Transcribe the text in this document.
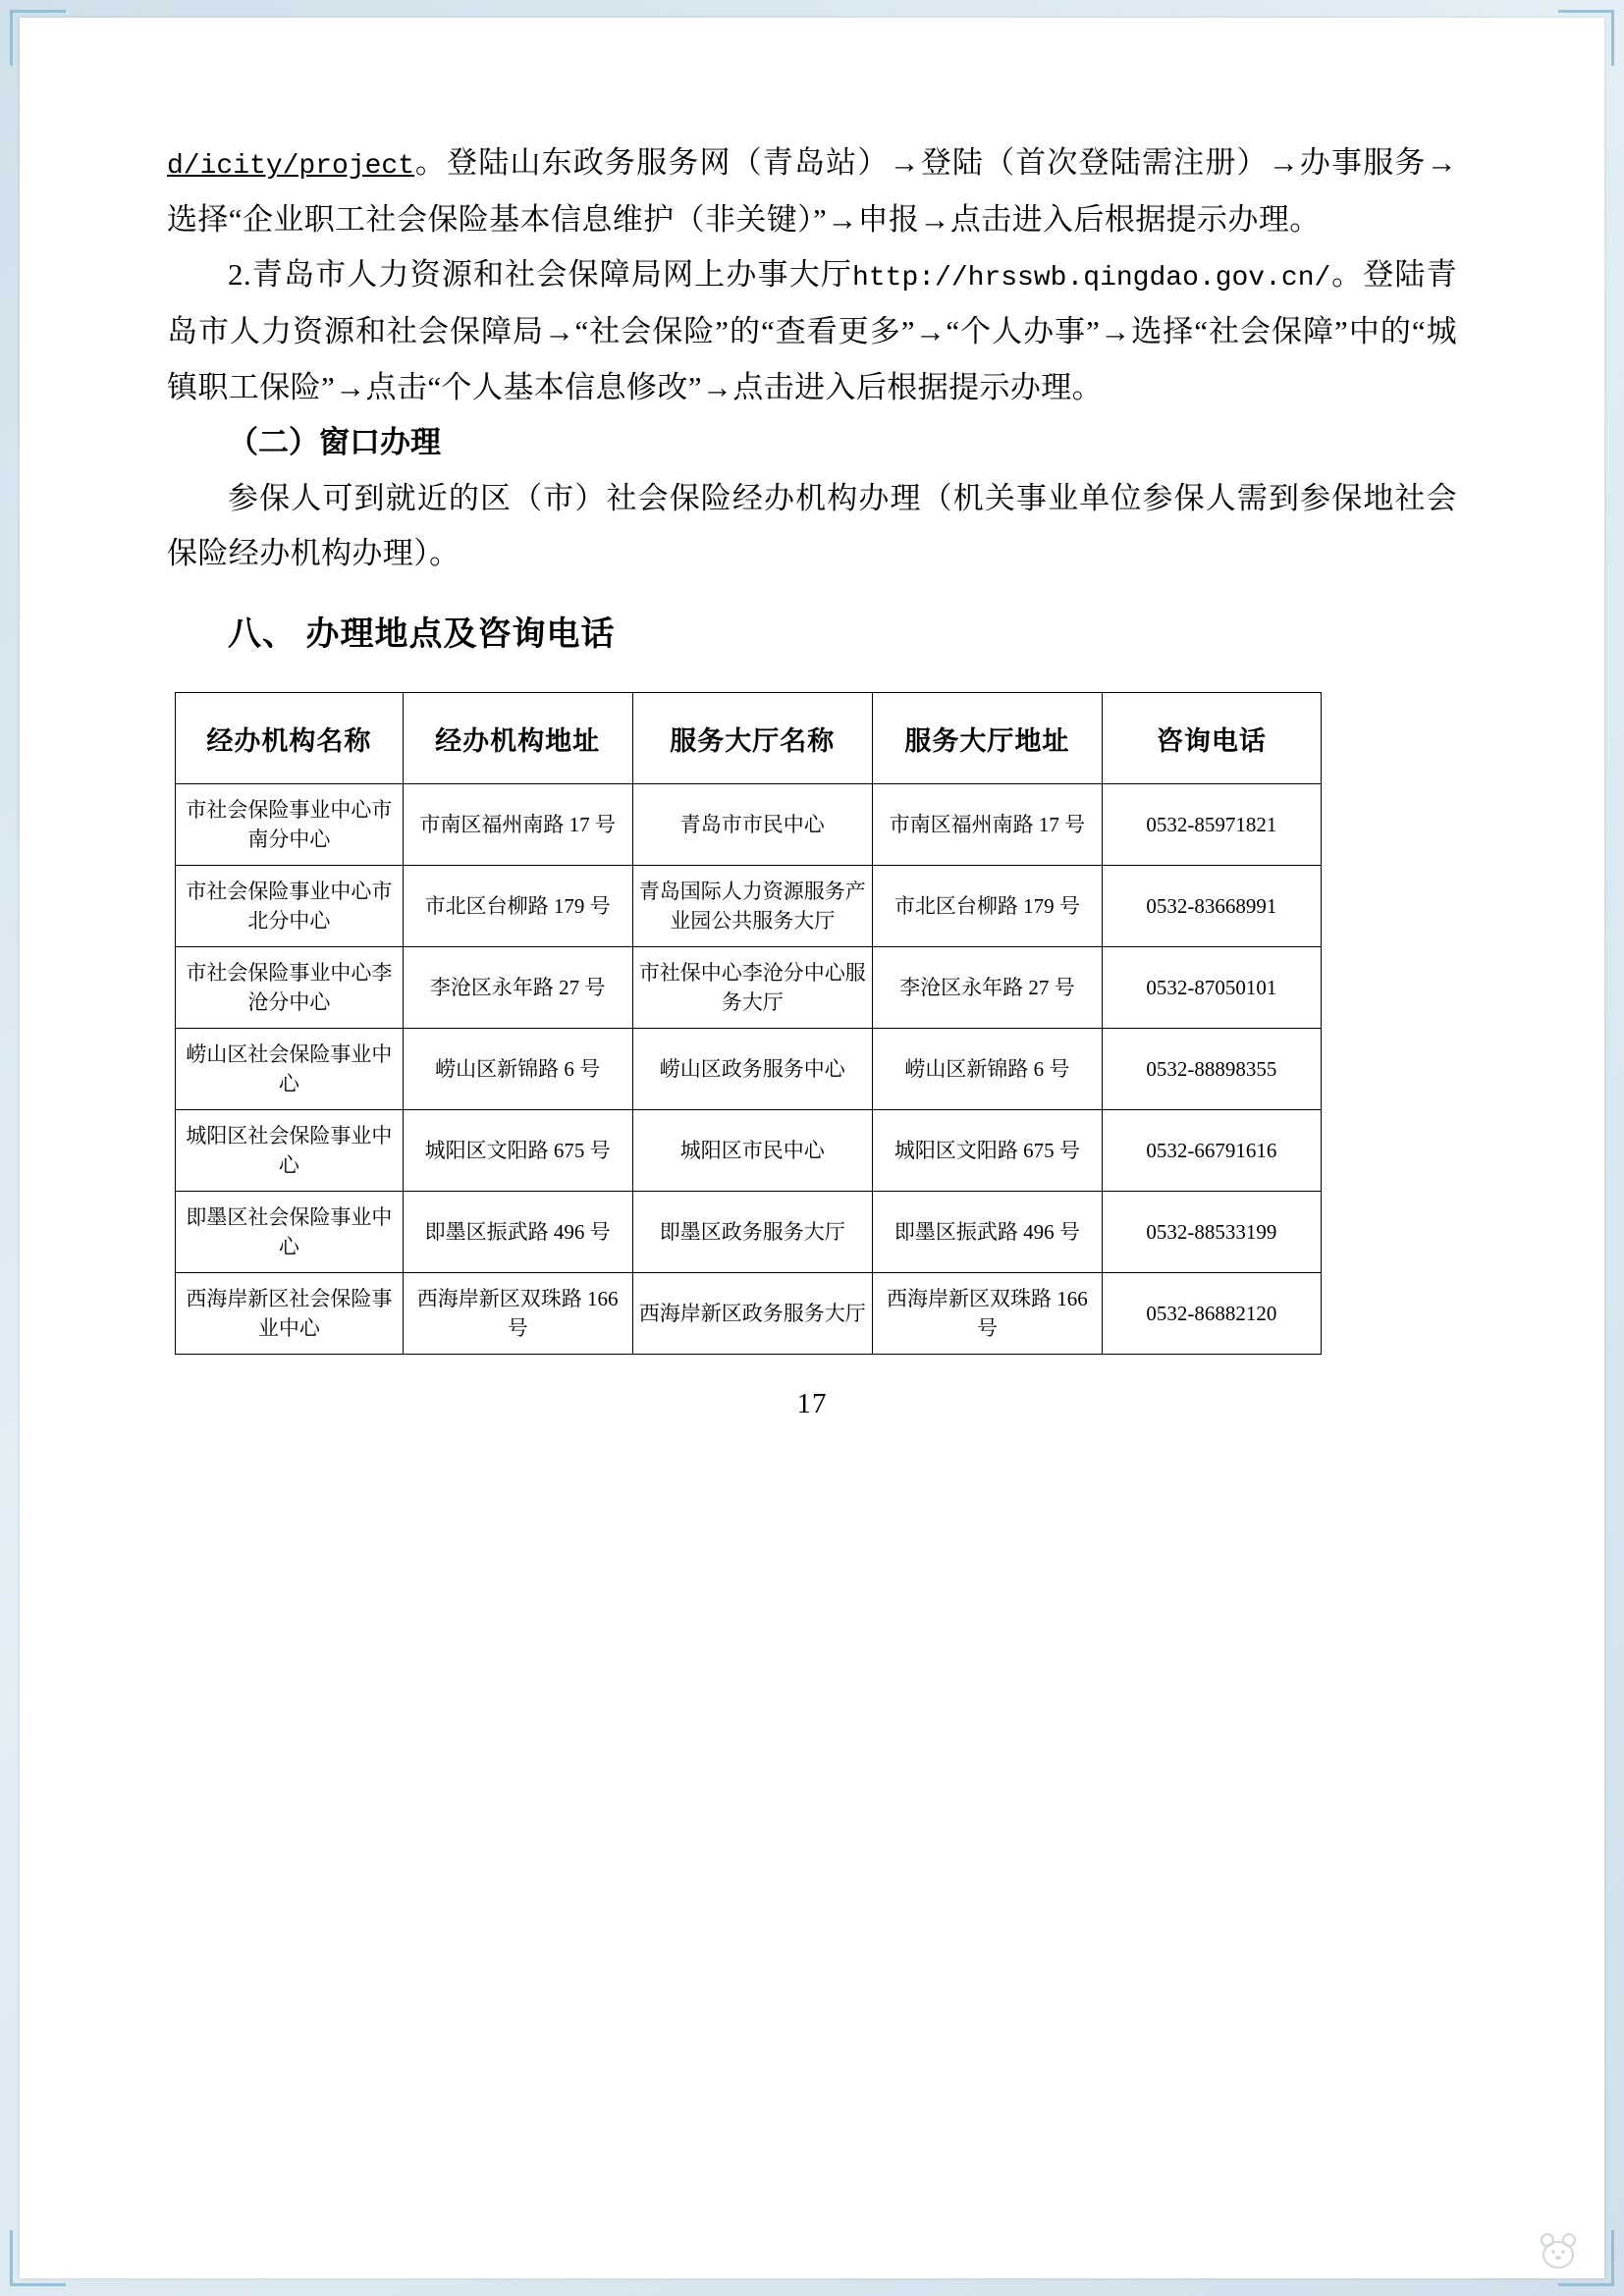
d/icity/project。登陆山东政务服务网（青岛站）→登陆（首次登陆需注册）→办事服务→选择“企业职工社会保险基本信息维护（非关键）”→申报→点击进入后根据提示办理。
2.青岛市人力资源和社会保障局网上办事大厅http://hrsswb.qingdao.gov.cn/。登陆青岛市人力资源和社会保障局→“社会保险”的“查看更多”→“个人办事”→选择“社会保障”中的“城镇职工保险”→点击“个人基本信息修改”→点击进入后根据提示办理。
（二）窗口办理
参保人可到就近的区（市）社会保险经办机构办理（机关事业单位参保人需到参保地社会保险经办机构办理）。
八、 办理地点及咨询电话
经办机构名称	经办机构地址	服务大厅名称	服务大厅地址	咨询电话
市社会保险事业中心市南分中心	市南区福州南路 17 号	青岛市市民中心	市南区福州南路 17 号	0532-85971821
市社会保险事业中心市北分中心	市北区台柳路 179 号	青岛国际人力资源服务产业园公共服务大厅	市北区台柳路 179 号	0532-83668991
市社会保险事业中心李沧分中心	李沧区永年路 27 号	市社保中心李沧分中心服务大厅	李沧区永年路 27 号	0532-87050101
崂山区社会保险事业中心	崂山区新锦路 6 号	崂山区政务服务中心	崂山区新锦路 6 号	0532-88898355
城阳区社会保险事业中心	城阳区文阳路 675 号	城阳区市民中心	城阳区文阳路 675 号	0532-66791616
即墨区社会保险事业中心	即墨区振武路 496 号	即墨区政务服务大厅	即墨区振武路 496 号	0532-88533199
西海岸新区社会保险事业中心	西海岸新区双珠路 166 号	西海岸新区政务服务大厅	西海岸新区双珠路 166 号	0532-86882120
17
